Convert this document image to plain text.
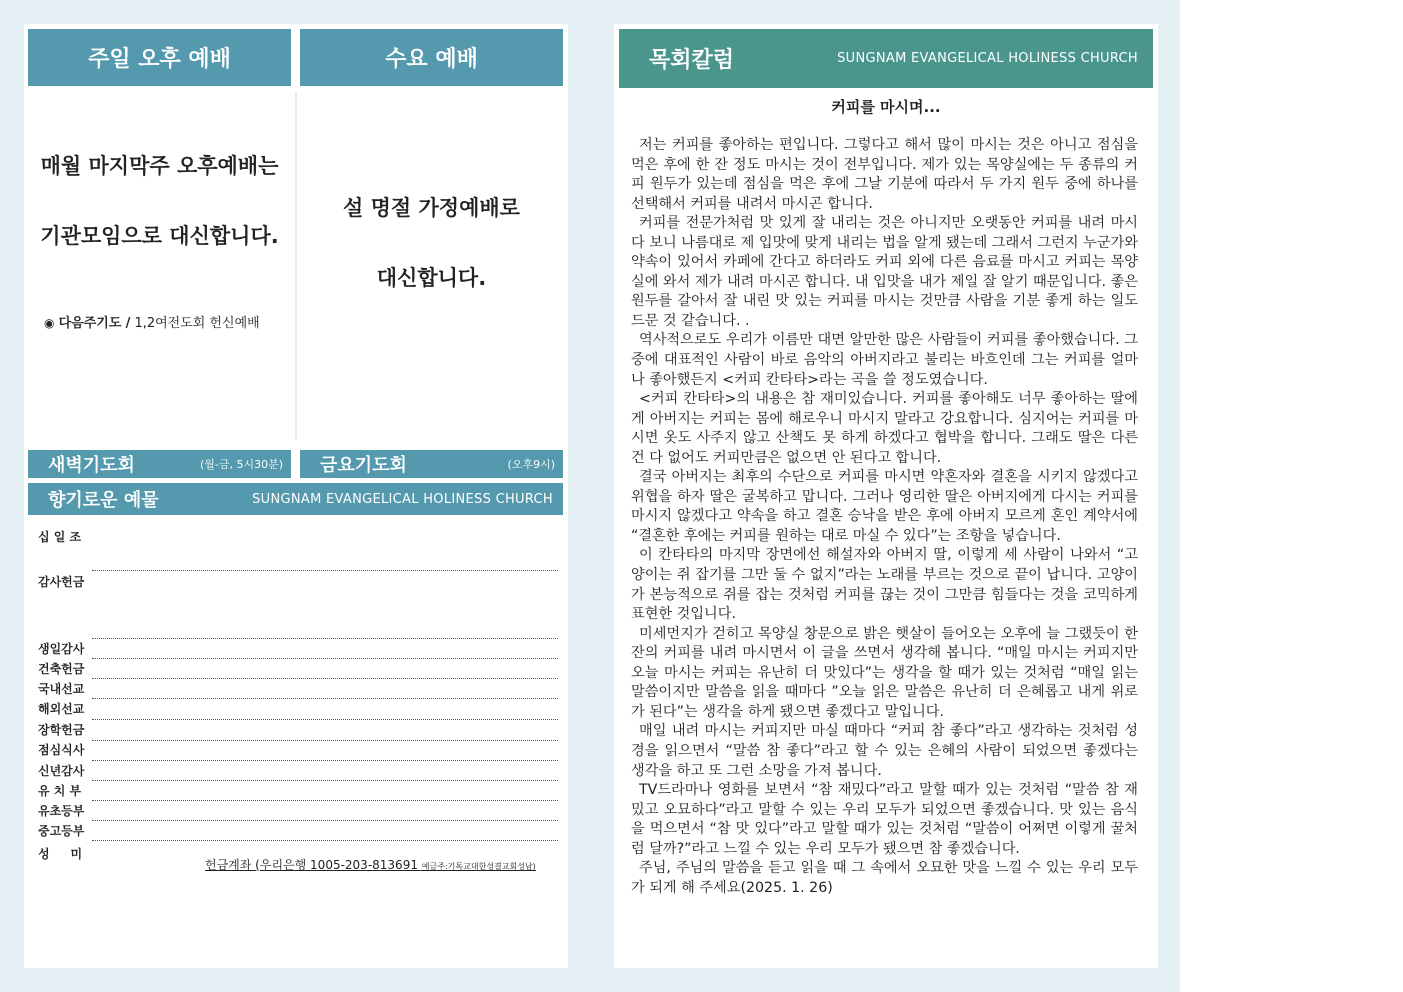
주일 오후 예배

매월 마지막주 오후예배는

기관모임으로 대신합니다.

◉ 다음주기도 / 1,2여전도회 헌신예배
수요 예배

설 명절 가정예배로

대신합니다.

새벽기도회	(월-금, 5시30분) 금요기도회	(오후9시)
향기로운 예물	SUNGNAM EVANGELICAL HOLINESS CHURCH
십 일 조
감사헌금
생일감사
건축헌금
국내선교
해외선교
장학헌금
점심식사
신년감사
유 치 부
유초등부
중고등부
성     미
헌금계좌 (우리은행 1005-203-813691 예금주:기독교대한성결교회성남)
목회칼럼	SUNGNAM EVANGELICAL HOLINESS CHURCH
커피를 마시며...

저는 커피를 좋아하는 편입니다. 그렇다고 해서 많이 마시는 것은 아니고 점심을 먹은 후에 한 잔 정도 마시는 것이 전부입니다. 제가 있는 목양실에는 두 종류의 커피 원두가 있는데 점심을 먹은 후에 그날 기분에 따라서 두 가지 원두 중에 하나를 선택해서 커피를 내려서 마시곤 합니다.

커피를 전문가처럼 맛 있게 잘 내리는 것은 아니지만 오랫동안 커피를 내려 마시다 보니 나름대로 제 입맛에 맞게 내리는 법을 알게 됐는데 그래서 그런지 누군가와 약속이 있어서 카페에 간다고 하더라도 커피 외에 다른 음료를 마시고 커피는 목양실에 와서 제가 내려 마시곤 합니다. 내 입맛을 내가 제일 잘 알기 때문입니다. 좋은 원두를 갈아서 잘 내린 맛 있는 커피를 마시는 것만큼 사람을 기분 좋게 하는 일도 드문 것 같습니다. .

역사적으로도 우리가 이름만 대면 알만한 많은 사람들이 커피를 좋아했습니다. 그중에 대표적인 사람이 바로 음악의 아버지라고 불리는 바흐인데 그는 커피를 얼마나 좋아했든지 <커피 칸타타>라는 곡을 쓸 정도였습니다.

<커피 칸타타>의 내용은 참 재미있습니다. 커피를 좋아해도 너무 좋아하는 딸에게 아버지는 커피는 몸에 해로우니 마시지 말라고 강요합니다. 심지어는 커피를 마시면 옷도 사주지 않고 산책도 못 하게 하겠다고 협박을 합니다. 그래도 딸은 다른 건 다 없어도 커피만큼은 없으면 안 된다고 합니다.

결국 아버지는 최후의 수단으로 커피를 마시면 약혼자와 결혼을 시키지 않겠다고 위협을 하자 딸은 굴복하고 맙니다. 그러나 영리한 딸은 아버지에게 다시는 커피를 마시지 않겠다고 약속을 하고 결혼 승낙을 받은 후에 아버지 모르게 혼인 계약서에 “결혼한 후에는 커피를 원하는 대로 마실 수 있다”는 조항을 넣습니다.

이 칸타타의 마지막 장면에선 해설자와 아버지 딸, 이렇게 세 사람이 나와서 “고양이는 쥐 잡기를 그만 둘 수 없지”라는 노래를 부르는 것으로 끝이 납니다. 고양이가 본능적으로 쥐를 잡는 것처럼 커피를 끊는 것이 그만큼 힘들다는 것을 코믹하게 표현한 것입니다.

미세먼지가 걷히고 목양실 창문으로 밝은 햇살이 들어오는 오후에 늘 그랬듯이 한 잔의 커피를 내려 마시면서 이 글을 쓰면서 생각해 봅니다. “매일 마시는 커피지만 오늘 마시는 커피는 유난히 더 맛있다”는 생각을 할 때가 있는 것처럼 “매일 읽는 말씀이지만 말씀을 읽을 때마다 ”오늘 읽은 말씀은 유난히 더 은혜롭고 내게 위로가 된다”는 생각을 하게 됐으면 좋겠다고 말입니다.

매일 내려 마시는 커피지만 마실 때마다 “커피 참 좋다”라고 생각하는 것처럼 성경을 읽으면서 “말씀 참 좋다”라고 할 수 있는 은혜의 사람이 되었으면 좋겠다는 생각을 하고 또 그런 소망을 가져 봅니다.

TV드라마나 영화를 보면서 “참 재밌다”라고 말할 때가 있는 것처럼 “말씀 참 재밌고 오묘하다”라고 말할 수 있는 우리 모두가 되었으면 좋겠습니다. 맛 있는 음식을 먹으면서 “참 맛 있다”라고 말할 때가 있는 것처럼 “말씀이 어쩌면 이렇게 꿀처럼 달까?”라고 느낄 수 있는 우리 모두가 됐으면 참 좋겠습니다.

주님, 주님의 말씀을 듣고 읽을 때 그 속에서 오묘한 맛을 느낄 수 있는 우리 모두가 되게 해 주세요(2025. 1. 26)
